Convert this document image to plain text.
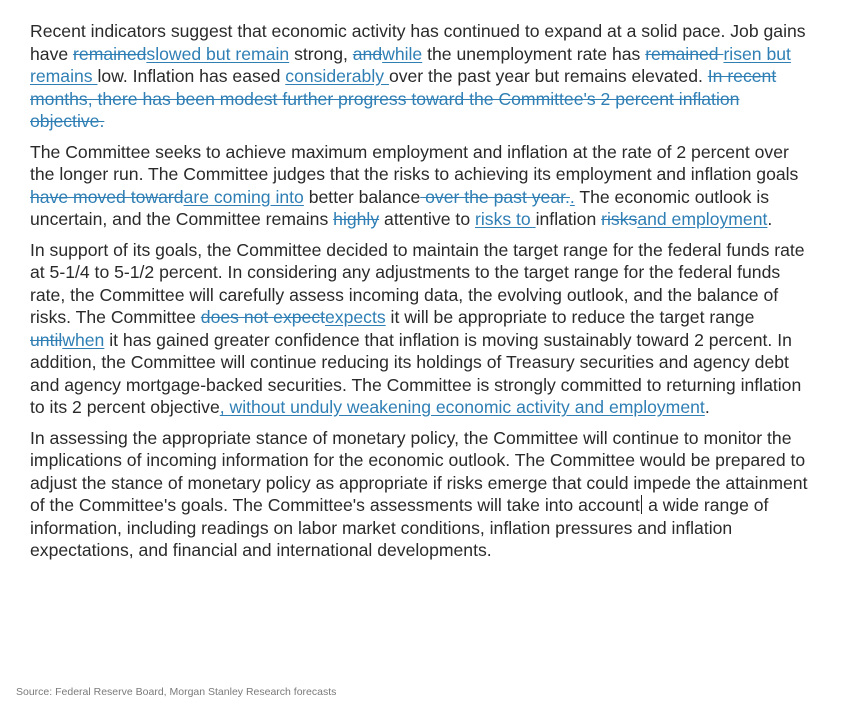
Recent indicators suggest that economic activity has continued to expand at a solid pace. Job gains have remainedslowed but remain strong, andwhile the unemployment rate has remained risen but remains low. Inflation has eased considerably over the past year but remains elevated. In recent months, there has been modest further progress toward the Committee's 2 percent inflation objective.

The Committee seeks to achieve maximum employment and inflation at the rate of 2 percent over the longer run. The Committee judges that the risks to achieving its employment and inflation goals have moved towardare coming into better balance over the past year.. The economic outlook is uncertain, and the Committee remains highly attentive to risks to inflation risksand employment.

In support of its goals, the Committee decided to maintain the target range for the federal funds rate at 5-1/4 to 5-1/2 percent. In considering any adjustments to the target range for the federal funds rate, the Committee will carefully assess incoming data, the evolving outlook, and the balance of risks. The Committee does not expectexpects it will be appropriate to reduce the target range untilwhen it has gained greater confidence that inflation is moving sustainably toward 2 percent. In addition, the Committee will continue reducing its holdings of Treasury securities and agency debt and agency mortgage-backed securities. The Committee is strongly committed to returning inflation to its 2 percent objective, without unduly weakening economic activity and employment.

In assessing the appropriate stance of monetary policy, the Committee will continue to monitor the implications of incoming information for the economic outlook. The Committee would be prepared to adjust the stance of monetary policy as appropriate if risks emerge that could impede the attainment of the Committee's goals. The Committee's assessments will take into account a wide range of information, including readings on labor market conditions, inflation pressures and inflation expectations, and financial and international developments.

Source: Federal Reserve Board, Morgan Stanley Research forecasts
